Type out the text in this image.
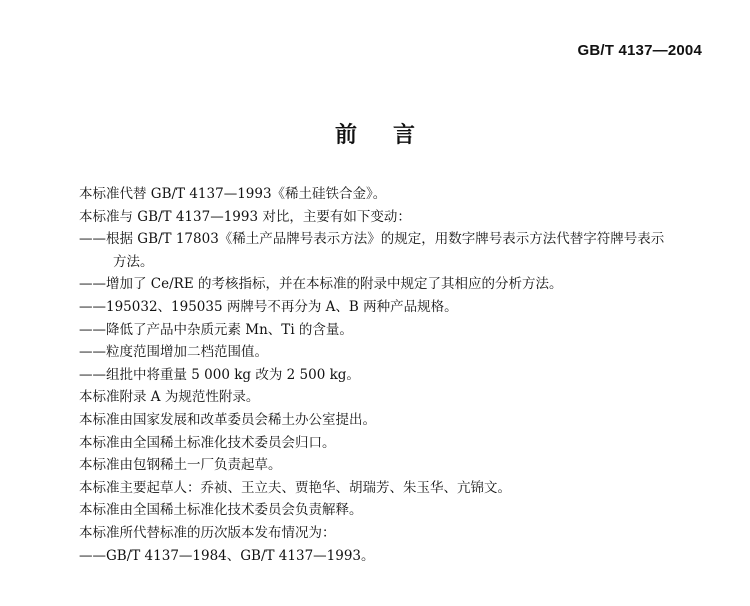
GB/T 4137—2004
前言
本标准代替 GB/T 4137—1993《稀土硅铁合金》。
本标准与 GB/T 4137—1993 对比，主要有如下变动：
——根据 GB/T 17803《稀土产品牌号表示方法》的规定，用数字牌号表示方法代替字符牌号表示
方法。
——增加了 Ce/RE 的考核指标，并在本标准的附录中规定了其相应的分析方法。
——195032、195035 两牌号不再分为 A、B 两种产品规格。
——降低了产品中杂质元素 Mn、Ti 的含量。
——粒度范围增加二档范围值。
——组批中将重量 5 000 kg 改为 2 500 kg。
本标准附录 A 为规范性附录。
本标准由国家发展和改革委员会稀土办公室提出。
本标准由全国稀土标准化技术委员会归口。
本标准由包钢稀土一厂负责起草。
本标准主要起草人：乔祯、王立夫、贾艳华、胡瑞芳、朱玉华、亢锦文。
本标准由全国稀土标准化技术委员会负责解释。
本标准所代替标准的历次版本发布情况为：
——GB/T 4137—1984、GB/T 4137—1993。
